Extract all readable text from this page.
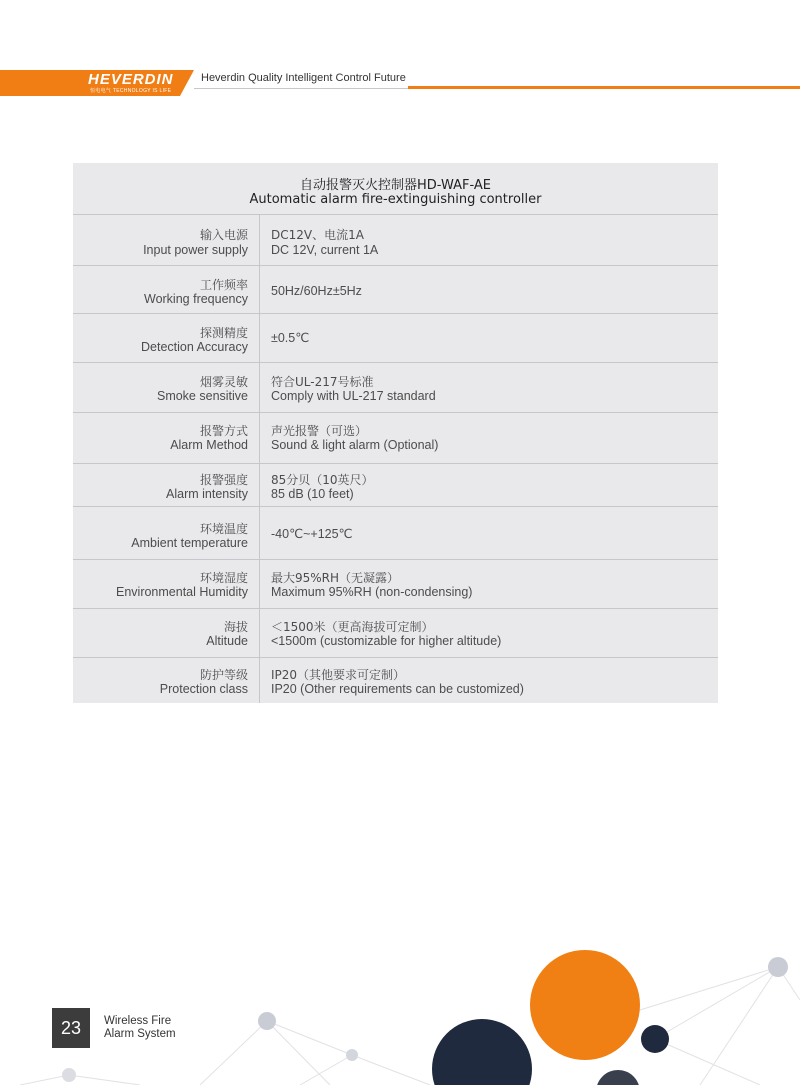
HEVERDIN
恒电电气 TECHNOLOGY IS LIFE
Heverdin Quality Intelligent Control Future
自动报警灭火控制器HD-WAF-AE
Automatic alarm fire-extinguishing controller
输入电源
Input power supply
DC12V、电流1A
DC 12V, current 1A
工作频率
Working frequency
50Hz/60Hz±5Hz
探测精度
Detection Accuracy
±0.5℃
烟雾灵敏
Smoke sensitive
符合UL-217号标准
Comply with UL-217 standard
报警方式
Alarm Method
声光报警（可选）
Sound & light alarm (Optional)
报警强度
Alarm intensity
85分贝（10英尺）
85 dB (10 feet)
环境温度
Ambient temperature
-40℃~+125℃
环境湿度
Environmental Humidity
最大95%RH（无凝露）
Maximum 95%RH (non-condensing)
海拔
Altitude
＜1500米（更高海拔可定制）
<1500m (customizable for higher altitude)
防护等级
Protection class
IP20（其他要求可定制）
IP20 (Other requirements can be customized)
23	Wireless Fire
Alarm System
